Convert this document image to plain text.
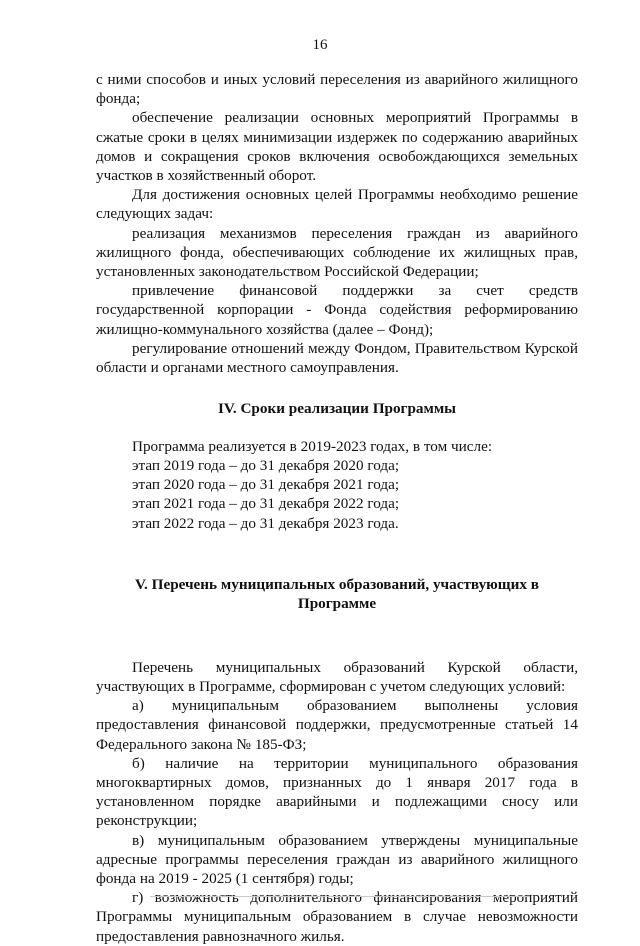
16

с ними способов и иных условий переселения из аварийного жилищного фонда;

обеспечение реализации основных мероприятий Программы в сжатые сроки в целях минимизации издержек по содержанию аварийных домов и сокращения сроков включения освобождающихся земельных участков в хозяйственный оборот.

Для достижения основных целей Программы необходимо решение следующих задач:

реализация механизмов переселения граждан из аварийного жилищного фонда, обеспечивающих соблюдение их жилищных прав, установленных законодательством Российской Федерации;

привлечение финансовой поддержки за счет средств государственной корпорации - Фонда содействия реформированию жилищно-коммунального хозяйства (далее – Фонд);

регулирование отношений между Фондом, Правительством Курской области и органами местного самоуправления.

IV. Сроки реализации Программы

Программа реализуется в 2019-2023 годах, в том числе:

этап 2019 года – до 31 декабря 2020 года;

этап 2020 года – до 31 декабря 2021 года;

этап 2021 года – до 31 декабря 2022 года;

этап 2022 года – до 31 декабря 2023 года.

V. Перечень муниципальных образований, участвующих в
Программе

Перечень муниципальных образований Курской области, участвующих в Программе, сформирован с учетом следующих условий:

а) муниципальным образованием выполнены условия предоставления финансовой поддержки, предусмотренные статьей 14 Федерального закона № 185-ФЗ;

б) наличие на территории муниципального образования многоквартирных домов, признанных до 1 января 2017 года в установленном порядке аварийными и подлежащими сносу или реконструкции;

в) муниципальным образованием утверждены муниципальные адресные программы переселения граждан из аварийного жилищного фонда на 2019 - 2025 (1 сентября) годы;

г) возможность дополнительного финансирования мероприятий Программы муниципальным образованием в случае невозможности предоставления равнозначного жилья.
